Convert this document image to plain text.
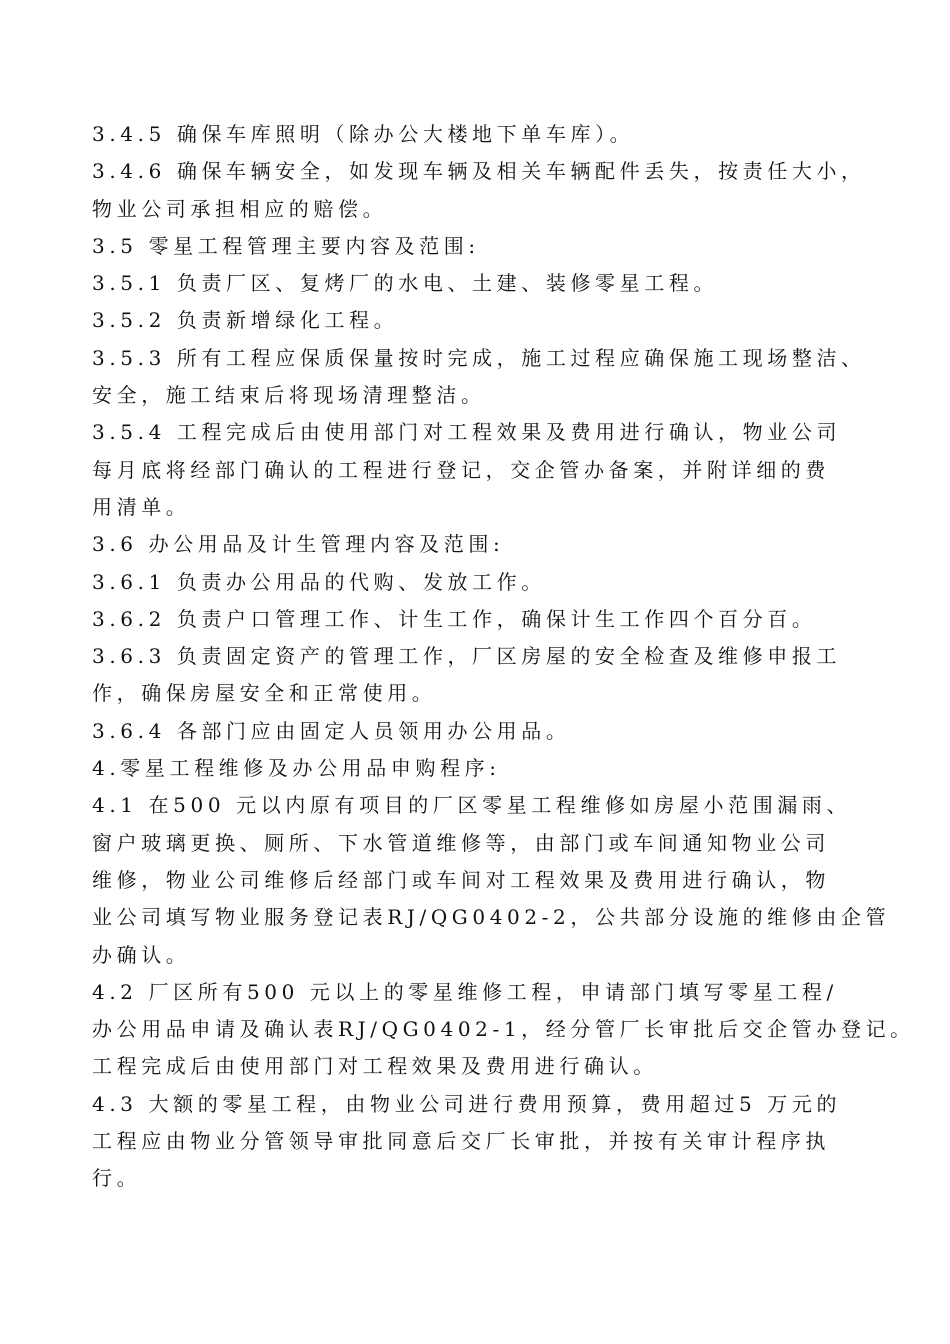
3.4.5 确保车库照明（除办公大楼地下单车库）。
3.4.6 确保车辆安全，如发现车辆及相关车辆配件丢失，按责任大小，
物业公司承担相应的赔偿。
3.5 零星工程管理主要内容及范围:
3.5.1 负责厂区、复烤厂的水电、土建、装修零星工程。
3.5.2 负责新增绿化工程。
3.5.3 所有工程应保质保量按时完成，施工过程应确保施工现场整洁、
安全，施工结束后将现场清理整洁。
3.5.4 工程完成后由使用部门对工程效果及费用进行确认，物业公司
每月底将经部门确认的工程进行登记，交企管办备案，并附详细的费
用清单。
3.6 办公用品及计生管理内容及范围:
3.6.1 负责办公用品的代购、发放工作。
3.6.2 负责户口管理工作、计生工作，确保计生工作四个百分百。
3.6.3 负责固定资产的管理工作，厂区房屋的安全检查及维修申报工
作，确保房屋安全和正常使用。
3.6.4 各部门应由固定人员领用办公用品。
4.零星工程维修及办公用品申购程序:
4.1 在500 元以内原有项目的厂区零星工程维修如房屋小范围漏雨、
窗户玻璃更换、厕所、下水管道维修等，由部门或车间通知物业公司
维修，物业公司维修后经部门或车间对工程效果及费用进行确认，物
业公司填写物业服务登记表RJ/QG0402-2，公共部分设施的维修由企管
办确认。
4.2 厂区所有500 元以上的零星维修工程，申请部门填写零星工程/
办公用品申请及确认表RJ/QG0402-1，经分管厂长审批后交企管办登记。
工程完成后由使用部门对工程效果及费用进行确认。
4.3 大额的零星工程，由物业公司进行费用预算，费用超过5 万元的
工程应由物业分管领导审批同意后交厂长审批，并按有关审计程序执
行。
